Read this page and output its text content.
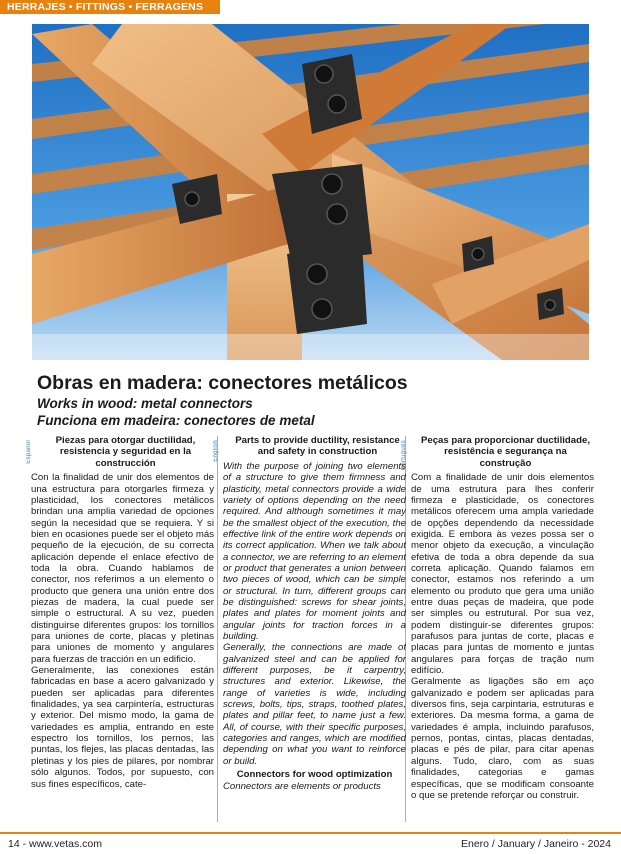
HERRAJES • FITTINGS • FERRAGENS
Obras en madera: conectores metálicos
Works in wood: metal connectors
Funciona em madeira: conectores de metal
Español	English	Português

Piezas para otorgar ductilidad, resistencia y seguridad en la construcción

Con la finalidad de unir dos elementos de una estructura para otorgarles firmeza y plasticidad, los conectores metálicos brindan una amplia variedad de opciones según la necesidad que se requiera. Y si bien en ocasiones puede ser el objeto más pequeño de la ejecución, de su correcta aplicación depende el enlace efectivo de toda la obra. Cuando hablamos de conector, nos referimos a un elemento o producto que genera una unión entre dos piezas de madera, la cual puede ser simple o estructural. A su vez, pueden distinguirse diferentes grupos: los tornillos para uniones de corte, placas y pletinas para uniones de momento y angulares para fuerzas de tracción en un edificio.

Generalmente, las conexiones están fabricadas en base a acero galvanizado y pueden ser aplicadas para diferentes finalidades, ya sea carpintería, estructuras y exterior. Del mismo modo, la gama de variedades es amplia, entrando en este espectro los tornillos, los pernos, las puntas, los flejes, las placas dentadas, las pletinas y los pies de pilares, por nombrar sólo algunos. Todos, por supuesto, con sus fines específicos, cate-

Parts to provide ductility, resistance and safety in construction

With the purpose of joining two elements of a structure to give them firmness and plasticity, metal connectors provide a wide variety of options depending on the need required. And although sometimes it may be the smallest object of the execution, the effective link of the entire work depends on its correct application. When we talk about a connector, we are referring to an element or product that generates a union between two pieces of wood, which can be simple or structural. In turn, different groups can be distinguished: screws for shear joints, plates and plates for moment joints and angular joints for traction forces in a building.

Generally, the connections are made of galvanized steel and can be applied for different purposes, be it carpentry, structures and exterior. Likewise, the range of varieties is wide, including screws, bolts, tips, straps, toothed plates, plates and pillar feet, to name just a few. All, of course, with their specific purposes, categories and ranges, which are modified depending on what you want to reinforce or build.

Connectors for wood optimization

Connectors are elements or products

Peças para proporcionar ductilidade, resistência e segurança na construção

Com a finalidade de unir dois elementos de uma estrutura para lhes conferir firmeza e plasticidade, os conectores metálicos oferecem uma ampla variedade de opções dependendo da necessidade exigida. E embora às vezes possa ser o menor objeto da execução, a vinculação efetiva de toda a obra depende da sua correta aplicação. Quando falamos em conector, estamos nos referindo a um elemento ou produto que gera uma união entre duas peças de madeira, que pode ser simples ou estrutural. Por sua vez, podem distinguir-se diferentes grupos: parafusos para juntas de corte, placas e placas para juntas de momento e juntas angulares para forças de tração num edifício.

Geralmente as ligações são em aço galvanizado e podem ser aplicadas para diversos fins, seja carpintaria, estruturas e exteriores. Da mesma forma, a gama de variedades é ampla, incluindo parafusos, pernos, pontas, cintas, placas dentadas, placas e pés de pilar, para citar apenas alguns. Tudo, claro, com as suas finalidades, categorias e gamas específicas, que se modificam consoante o que se pretende reforçar ou construir.

14 - www.vetas.com	Enero / January / Janeiro - 2024
